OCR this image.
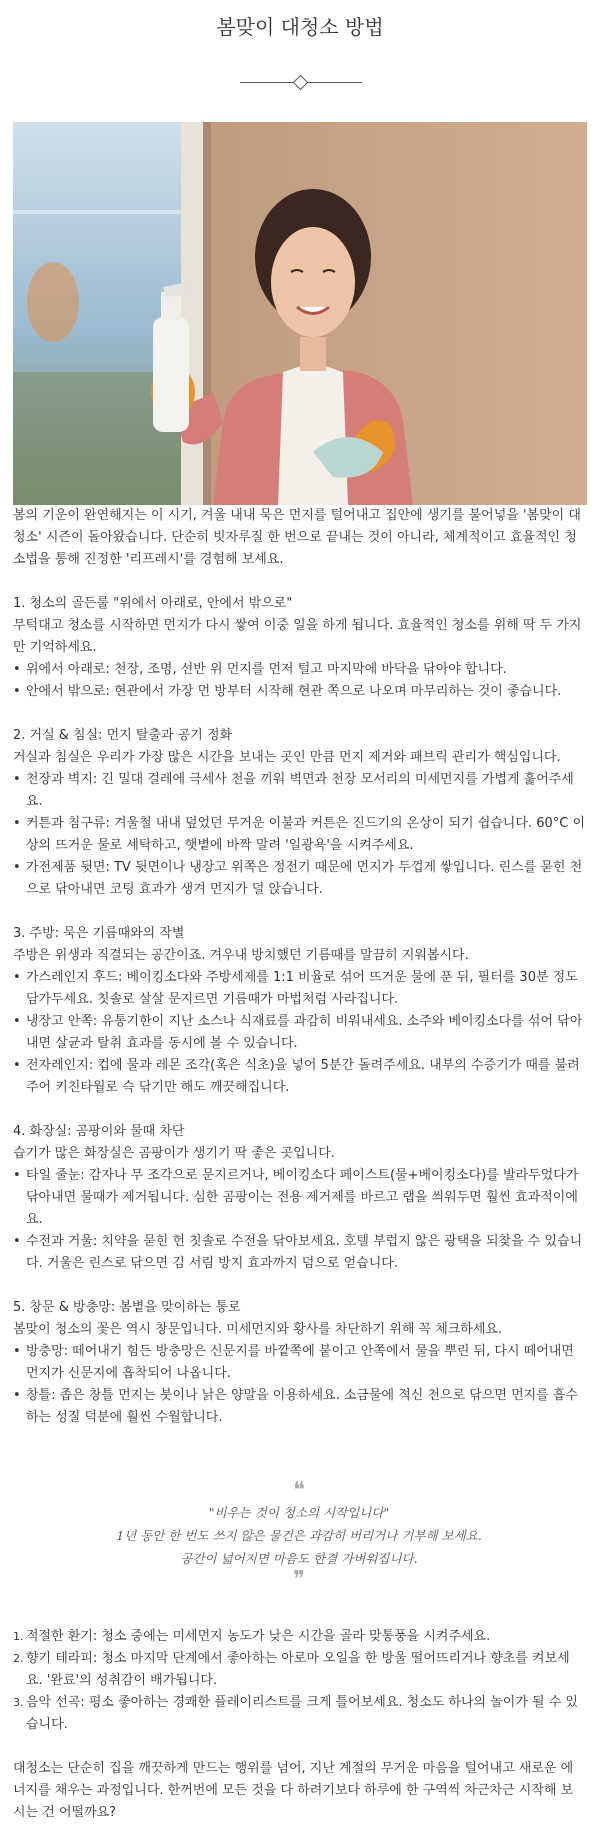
봄맞이 대청소 방법

봄의 기운이 완연해지는 이 시기, 겨울 내내 묵은 먼지를 털어내고 집안에 생기를 불어넣을 '봄맞이 대청소' 시즌이 돌아왔습니다. 단순히 빗자루질 한 번으로 끝내는 것이 아니라, 체계적이고 효율적인 청소법을 통해 진정한 '리프레시'를 경험해 보세요.

1. 청소의 골든룰 "위에서 아래로, 안에서 밖으로"

무턱대고 청소를 시작하면 먼지가 다시 쌓여 이중 일을 하게 됩니다. 효율적인 청소를 위해 딱 두 가지만 기억하세요.

• 위에서 아래로: 천장, 조명, 선반 위 먼지를 먼저 털고 마지막에 바닥을 닦아야 합니다.
• 안에서 밖으로: 현관에서 가장 먼 방부터 시작해 현관 쪽으로 나오며 마무리하는 것이 좋습니다.

2. 거실 & 침실: 먼지 탈출과 공기 정화

거실과 침실은 우리가 가장 많은 시간을 보내는 곳인 만큼 먼지 제거와 패브릭 관리가 핵심입니다.

• 천장과 벽지: 긴 밀대 걸레에 극세사 천을 끼워 벽면과 천장 모서리의 미세먼지를 가볍게 훑어주세요.
• 커튼과 침구류: 겨울철 내내 덮었던 무거운 이불과 커튼은 진드기의 온상이 되기 쉽습니다. 60°C 이상의 뜨거운 물로 세탁하고, 햇볕에 바짝 말려 '일광욕'을 시켜주세요.
• 가전제품 뒷면: TV 뒷면이나 냉장고 위쪽은 정전기 때문에 먼지가 두껍게 쌓입니다. 린스를 묻힌 천으로 닦아내면 코팅 효과가 생겨 먼지가 덜 앉습니다.

3. 주방: 묵은 기름때와의 작별

주방은 위생과 직결되는 공간이죠. 겨우내 방치했던 기름때를 말끔히 지워봅시다.

• 가스레인지 후드: 베이킹소다와 주방세제를 1:1 비율로 섞어 뜨거운 물에 푼 뒤, 필터를 30분 정도 담가두세요. 칫솔로 살살 문지르면 기름때가 마법처럼 사라집니다.
• 냉장고 안쪽: 유통기한이 지난 소스나 식재료를 과감히 비워내세요. 소주와 베이킹소다를 섞어 닦아내면 살균과 탈취 효과를 동시에 볼 수 있습니다.
• 전자레인지: 컵에 물과 레몬 조각(혹은 식초)을 넣어 5분간 돌려주세요. 내부의 수증기가 때를 불려주어 키친타월로 슥 닦기만 해도 깨끗해집니다.

4. 화장실: 곰팡이와 물때 차단

습기가 많은 화장실은 곰팡이가 생기기 딱 좋은 곳입니다.

• 타일 줄눈: 감자나 무 조각으로 문지르거나, 베이킹소다 페이스트(물+베이킹소다)를 발라두었다가 닦아내면 물때가 제거됩니다. 심한 곰팡이는 전용 제거제를 바르고 랩을 씌워두면 훨씬 효과적이에요.
• 수전과 거울: 치약을 묻힌 헌 칫솔로 수전을 닦아보세요. 호텔 부럽지 않은 광택을 되찾을 수 있습니다. 거울은 린스로 닦으면 김 서림 방지 효과까지 덤으로 얻습니다.

5. 창문 & 방충망: 봄볕을 맞이하는 통로

봄맞이 청소의 꽃은 역시 창문입니다. 미세먼지와 황사를 차단하기 위해 꼭 체크하세요.

• 방충망: 떼어내기 힘든 방충망은 신문지를 바깥쪽에 붙이고 안쪽에서 물을 뿌린 뒤, 다시 떼어내면 먼지가 신문지에 흡착되어 나옵니다.
• 창틀: 좁은 창틀 먼지는 붓이나 낡은 양말을 이용하세요. 소금물에 적신 천으로 닦으면 먼지를 흡수하는 성질 덕분에 훨씬 수월합니다.
❝
"비우는 것이 청소의 시작입니다"
1년 동안 한 번도 쓰지 않은 물건은 과감히 버리거나 기부해 보세요.
공간이 넓어지면 마음도 한결 가벼워집니다.
❞
1. 적절한 환기: 청소 중에는 미세먼지 농도가 낮은 시간을 골라 맞통풍을 시켜주세요.
2. 향기 테라피: 청소 마지막 단계에서 좋아하는 아로마 오일을 한 방울 떨어뜨리거나 향초를 켜보세요. '완료'의 성취감이 배가됩니다.
3. 음악 선곡: 평소 좋아하는 경쾌한 플레이리스트를 크게 틀어보세요. 청소도 하나의 놀이가 될 수 있습니다.

대청소는 단순히 집을 깨끗하게 만드는 행위를 넘어, 지난 계절의 무거운 마음을 털어내고 새로운 에너지를 채우는 과정입니다. 한꺼번에 모든 것을 다 하려기보다 하루에 한 구역씩 차근차근 시작해 보시는 건 어떨까요?
